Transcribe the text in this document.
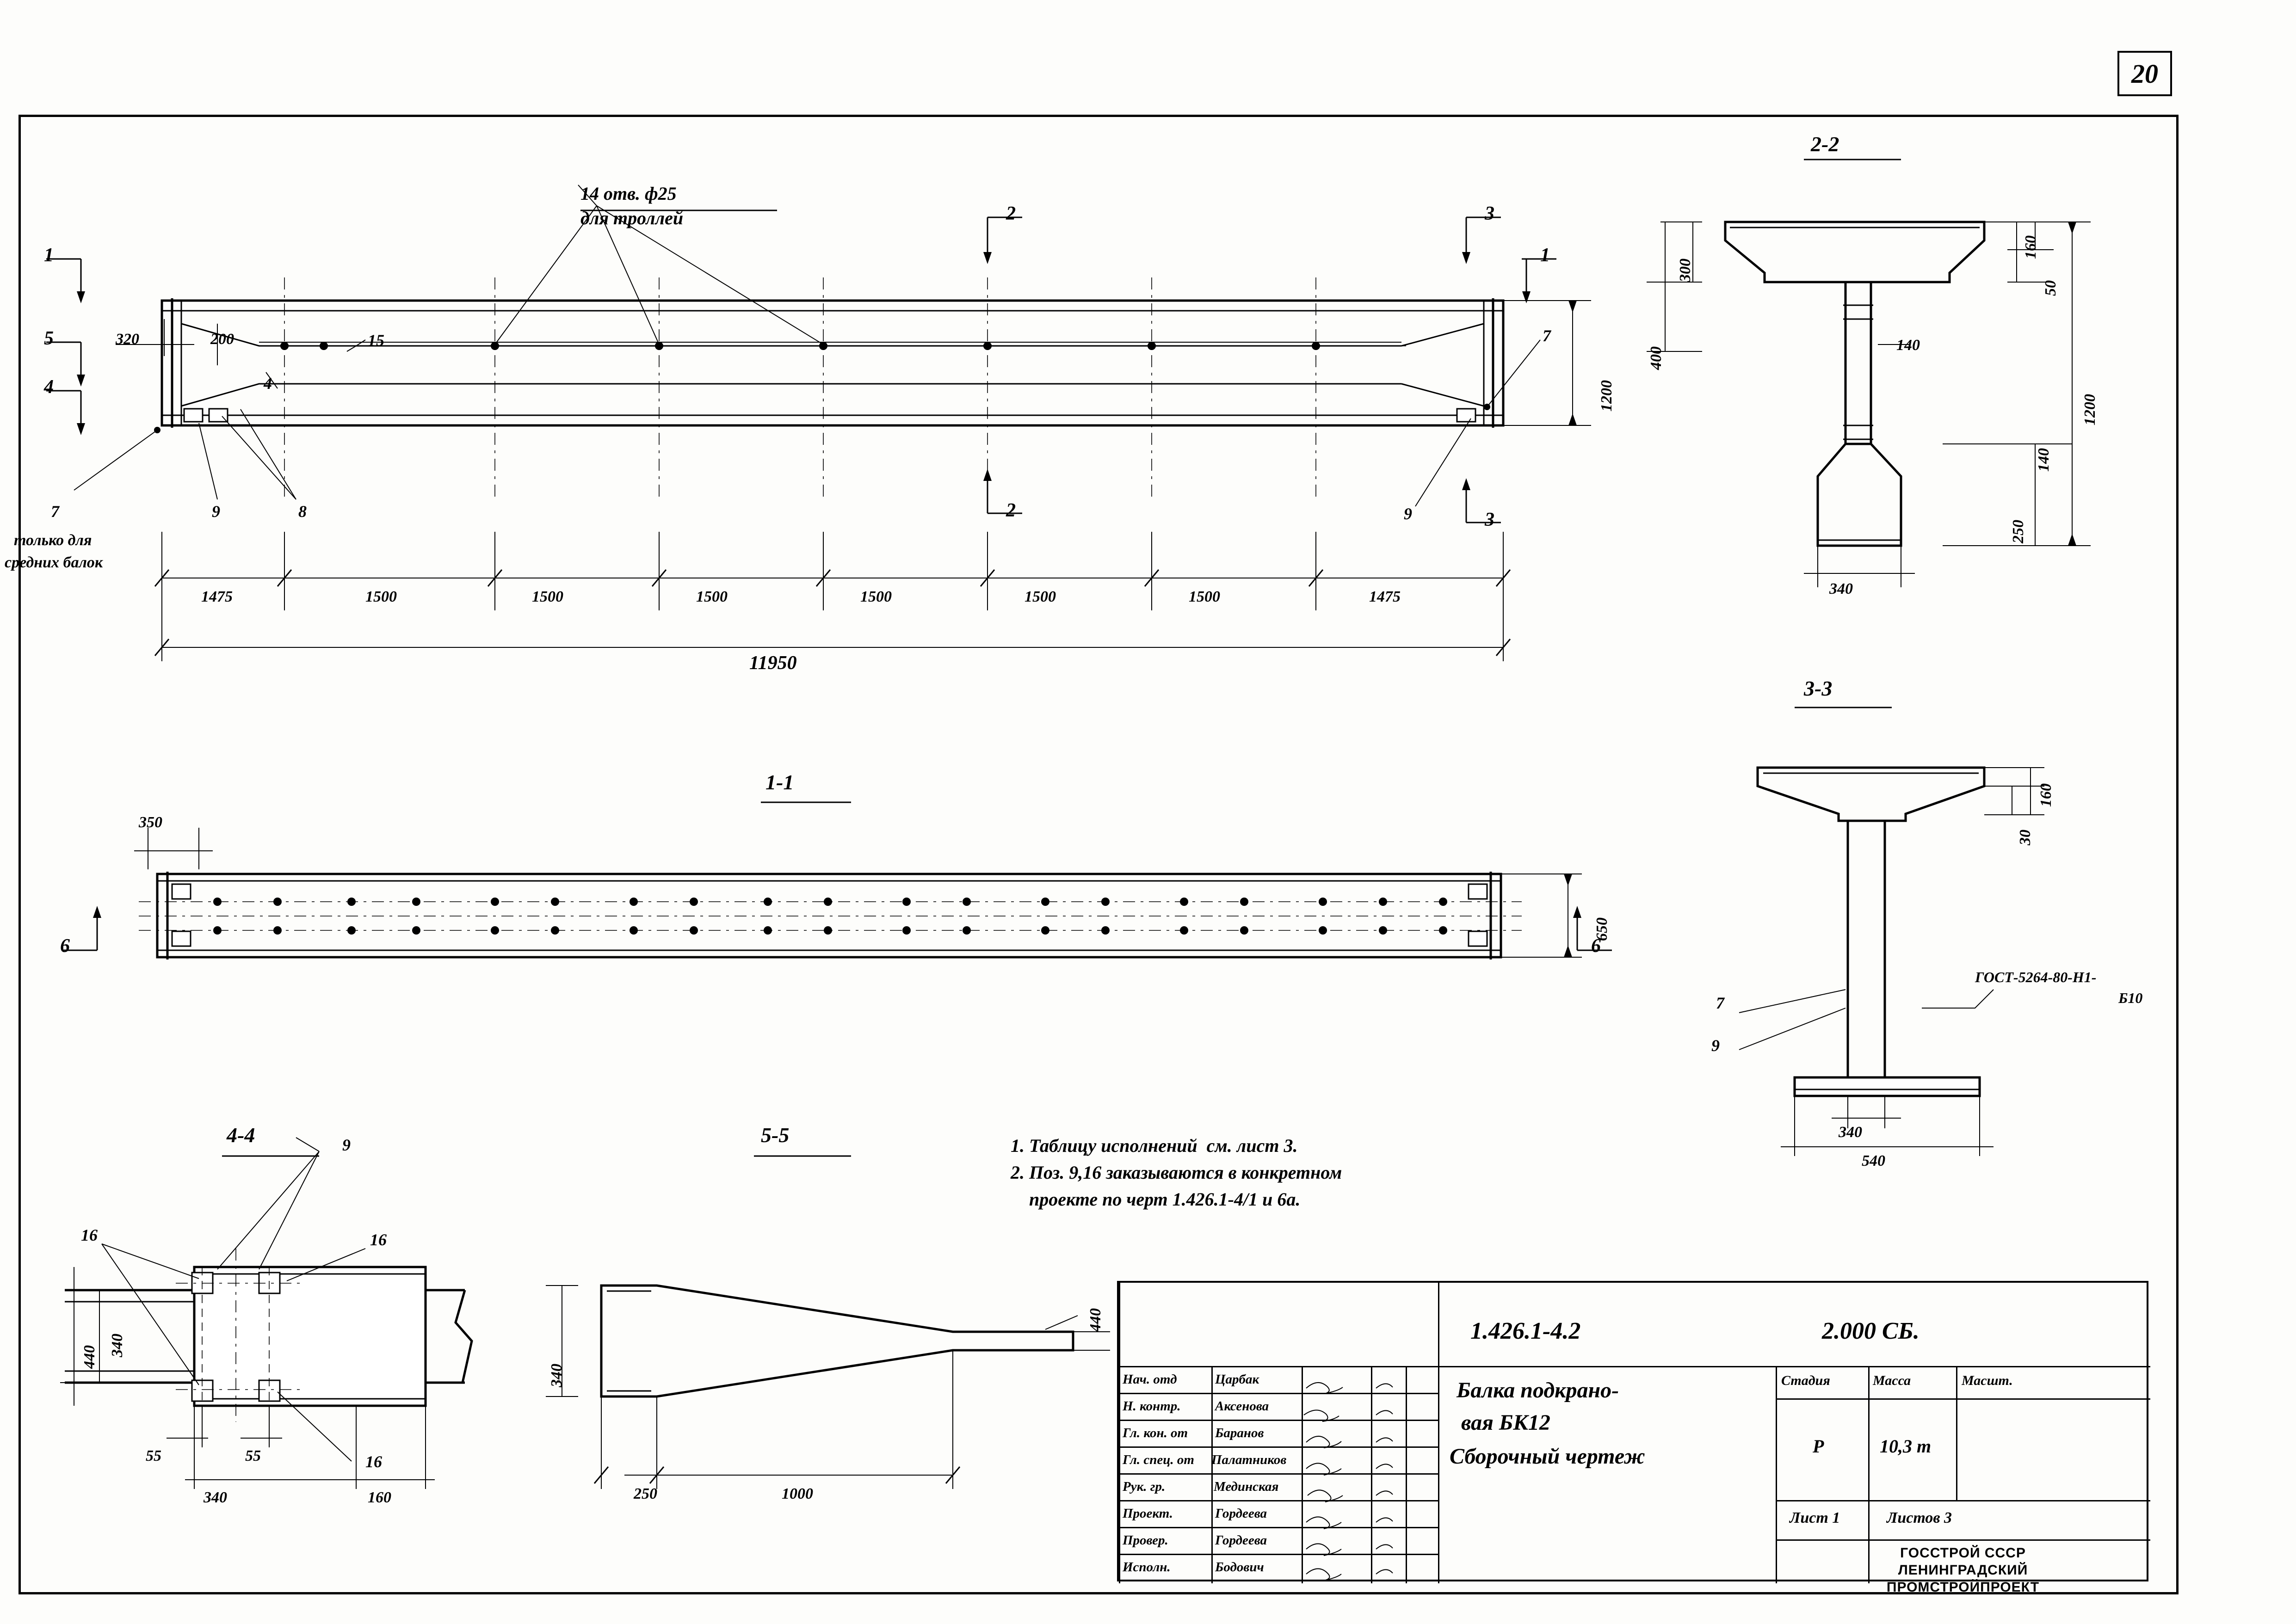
20
14 отв. ф25
для троллей
1
5
4
2	3
1
2	3
6	6
15
4
7
8
9	9
7
только для
средних балок
320	200
1200
1475	1500	1500	1500	1500	1500	1500	1475
11950
1-1
2-2
3-3
4-4	5-5
350
650
300
160
50
400
140
140
250
1200
340
160
30
340
540
7
9
ГОСТ-5264-80-Н1-
Б10
9
16	16
16
340
440
55	55
340	160
340
440
250	1000
1. Таблицу исполнений  см. лист 3.
2. Поз. 9,16 заказываются в конкретном
проекте по черт 1.426.1-4/1 и 6а.
1.426.1-4.2	2.000 СБ.
Балка подкрано-
вая БК12
Сборочный чертеж
Стадия	Масса	Масшт.
Р	10,3 т
Лист 1	Листов 3
ГОССТРОЙ СССР
ЛЕНИНГРАДСКИЙ
ПРОМСТРОЙПРОЕКТ
Нач. отд	Царбак
Н. контр.	Аксенова
Гл. кон. от Баранов
Гл. спец. от Палатников
Рук. гр.	Мединская
Проект.	Гордеева
Провер.	Гордеева
Исполн.	Бодович
